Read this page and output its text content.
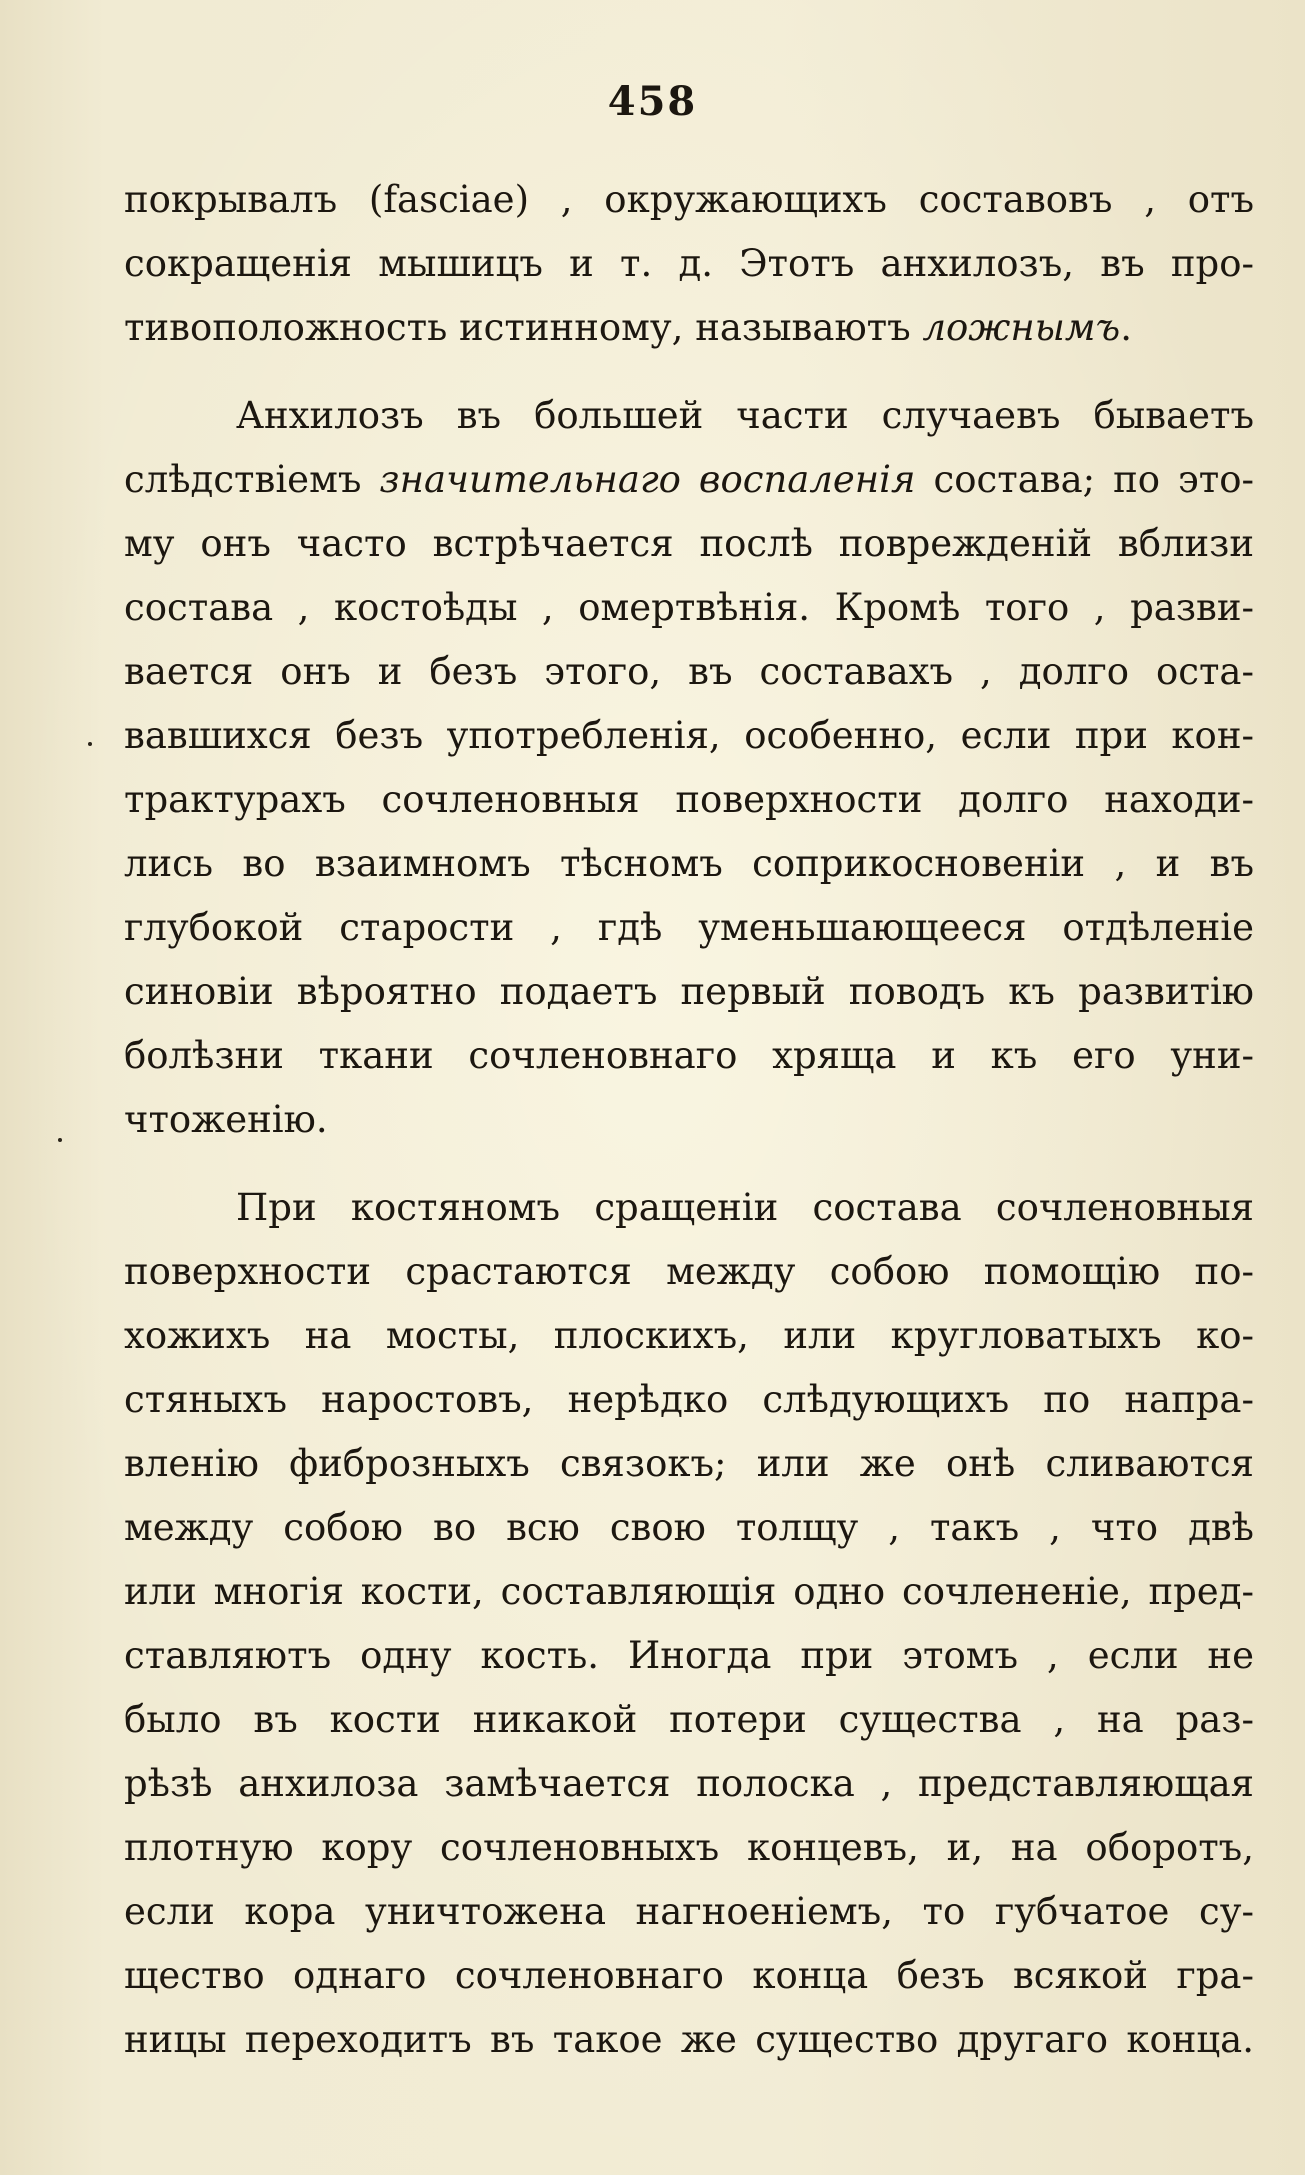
458
покрывалъ (fasciae) , окружающихъ составовъ , отъ
сокращенія мышицъ и т. д. Этотъ анхилозъ, въ про-
тивоположность истинному, называютъ ложнымъ.
Анхилозъ въ большей части случаевъ бываетъ
слѣдствіемъ значительнаго воспаленія состава; по это-
му онъ часто встрѣчается послѣ поврежденій вблизи
состава , костоѣды , омертвѣнія. Кромѣ того , разви-
вается онъ и безъ этого, въ составахъ , долго оста-
вавшихся безъ употребленія, особенно, если при кон-
трактурахъ сочленовныя поверхности долго находи-
лись во взаимномъ тѣсномъ соприкосновеніи , и въ
глубокой старости , гдѣ уменьшающееся отдѣленіе
синовіи вѣроятно подаетъ первый поводъ къ развитію
болѣзни ткани сочленовнаго хряща и къ его уни-
чтоженію.
При костяномъ сращеніи состава сочленовныя
поверхности срастаются между собою помощію по-
хожихъ на мосты, плоскихъ, или кругловатыхъ ко-
стяныхъ наростовъ, нерѣдко слѣдующихъ по напра-
вленію фиброзныхъ связокъ; или же онѣ сливаются
между собою во всю свою толщу , такъ , что двѣ
или многія кости, составляющія одно сочлененіе, пред-
ставляютъ одну кость. Иногда при этомъ , если не
было въ кости никакой потери существа , на раз-
рѣзѣ анхилоза замѣчается полоска , представляющая
плотную кору сочленовныхъ концевъ, и, на оборотъ,
если кора уничтожена нагноеніемъ, то губчатое су-
щество однаго сочленовнаго конца безъ всякой гра-
ницы переходитъ въ такое же существо другаго конца.
